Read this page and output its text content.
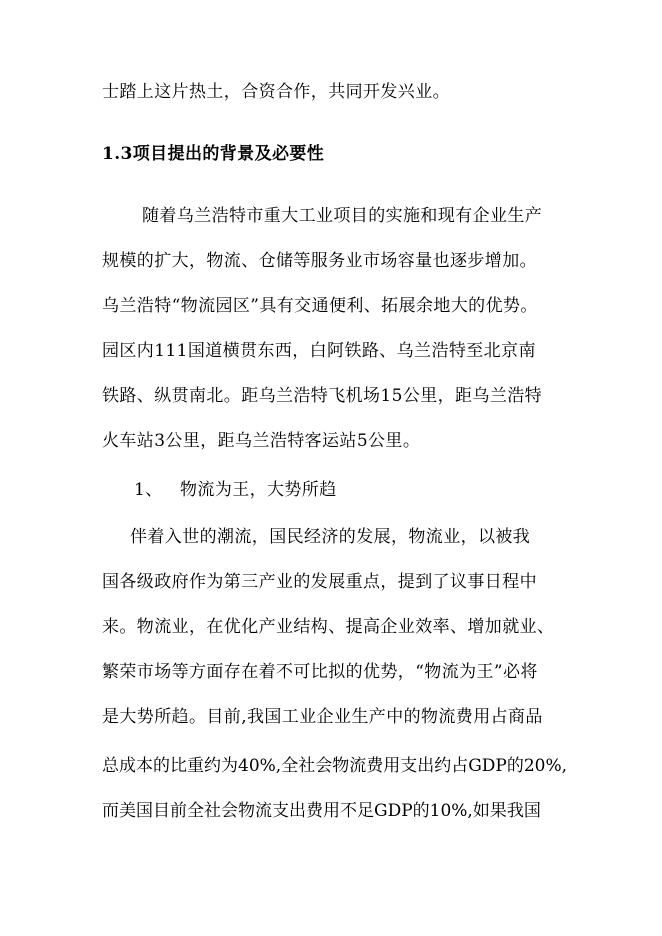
士踏上这片热土，合资合作，共同开发兴业。
1.3项目提出的背景及必要性
随着乌兰浩特市重大工业项目的实施和现有企业生产
规模的扩大，物流、仓储等服务业市场容量也逐步增加。
乌兰浩特“物流园区”具有交通便利、拓展余地大的优势。
园区内111国道横贯东西，白阿铁路、乌兰浩特至北京南
铁路、纵贯南北。距乌兰浩特飞机场15公里，距乌兰浩特
火车站3公里，距乌兰浩特客运站5公里。
1、   物流为王，大势所趋
伴着入世的潮流，国民经济的发展，物流业，以被我
国各级政府作为第三产业的发展重点，提到了议事日程中
来。物流业，在优化产业结构、提高企业效率、增加就业、
繁荣市场等方面存在着不可比拟的优势，“物流为王”必将
是大势所趋。目前,我国工业企业生产中的物流费用占商品
总成本的比重约为40%,全社会物流费用支出约占GDP的20%,
而美国目前全社会物流支出费用不足GDP的10%,如果我国
